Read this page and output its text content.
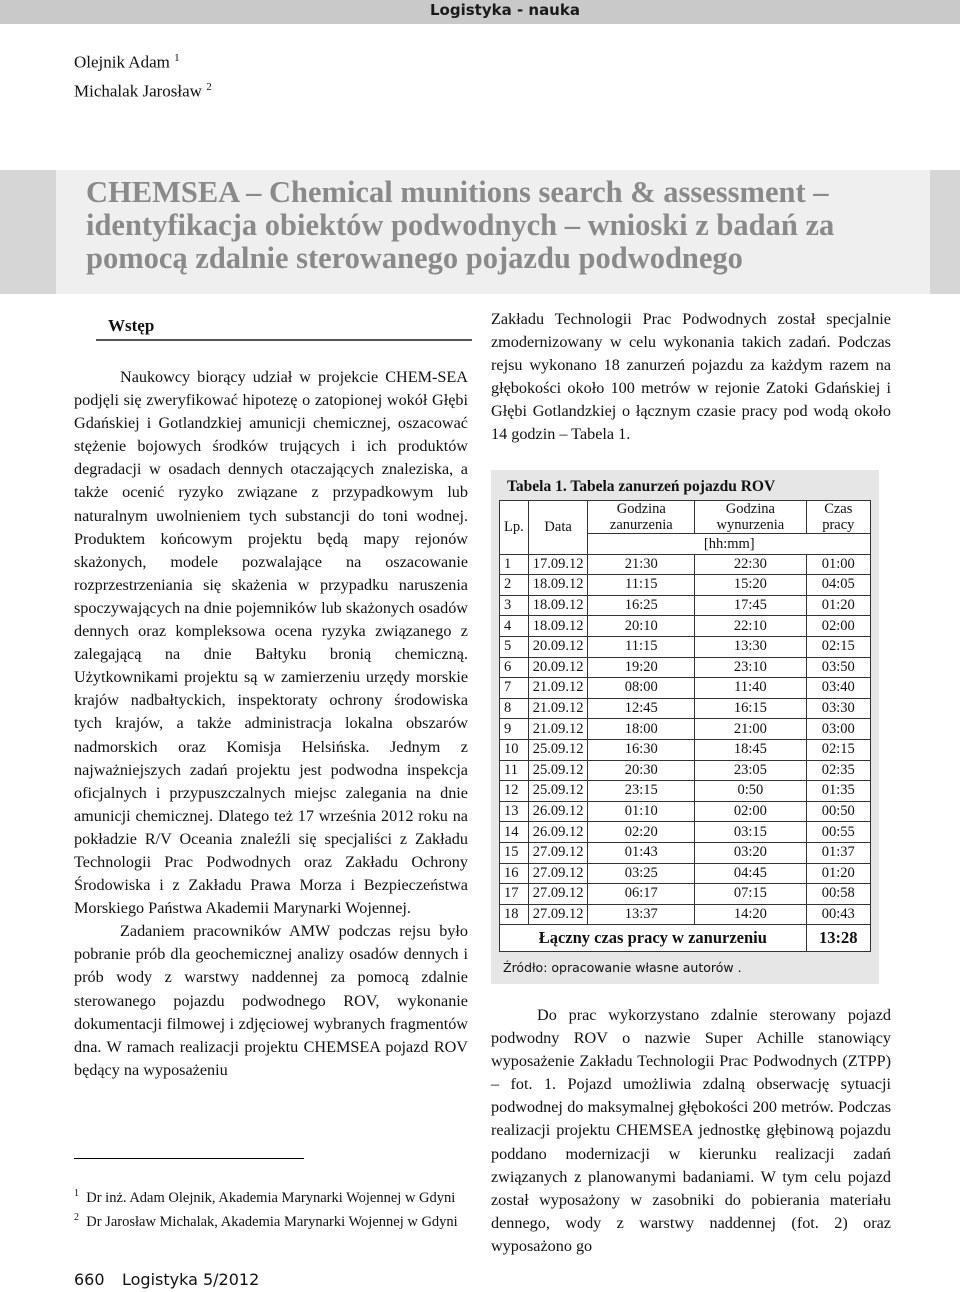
Logistyka - nauka
Olejnik Adam $^1$
Michalak Jarosław $^2$
CHEMSEA – Chemical munitions search & assessment – identyfikacja obiektów podwodnych – wnioski z badań za pomocą zdalnie sterowanego pojazdu podwodnego
Wstęp

Naukowcy biorący udział w projekcie CHEM-SEA podjęli się zweryfikować hipotezę o zatopionej wokół Głębi Gdańskiej i Gotlandzkiej amunicji chemicznej, oszacować stężenie bojowych środków trujących i ich produktów degradacji w osadach dennych otaczających znaleziska, a także ocenić ryzyko związane z przypadkowym lub naturalnym uwolnieniem tych substancji do toni wodnej. Produktem końcowym projektu będą mapy rejonów skażonych, modele pozwalające na oszacowanie rozprzestrzeniania się skażenia w przypadku naruszenia spoczywających na dnie pojemników lub skażonych osadów dennych oraz kompleksowa ocena ryzyka związanego z zalegającą na dnie Bałtyku bronią chemiczną. Użytkownikami projektu są w zamierzeniu urzędy morskie krajów nadbałtyckich, inspektoraty ochrony środowiska tych krajów, a także administracja lokalna obszarów nadmorskich oraz Komisja Helsińska. Jednym z najważniejszych zadań projektu jest podwodna inspekcja oficjalnych i przypuszczalnych miejsc zalegania na dnie amunicji chemicznej. Dlatego też 17 września 2012 roku na pokładzie R/V Oceania znaleźli się specjaliści z Zakładu Technologii Prac Podwodnych oraz Zakładu Ochrony Środowiska i z Zakładu Prawa Morza i Bezpieczeństwa Morskiego Państwa Akademii Marynarki Wojennej.

Zadaniem pracowników AMW podczas rejsu było pobranie prób dla geochemicznej analizy osadów dennych i prób wody z warstwy naddennej za pomocą zdalnie sterowanego pojazdu podwodnego ROV, wykonanie dokumentacji filmowej i zdjęciowej wybranych fragmentów dna. W ramach realizacji projektu CHEMSEA pojazd ROV będący na wyposażeniu

$^1$ Dr inż. Adam Olejnik, Akademia Marynarki Wojennej w Gdyni
$^2$ Dr Jarosław Michalak, Akademia Marynarki Wojennej w Gdyni

Zakładu Technologii Prac Podwodnych został specjalnie zmodernizowany w celu wykonania takich zadań. Podczas rejsu wykonano 18 zanurzeń pojazdu za każdym razem na głębokości około 100 metrów w rejonie Zatoki Gdańskiej i Głębi Gotlandzkiej o łącznym czasie pracy pod wodą około 14 godzin – Tabela 1.

Tabela 1. Tabela zanurzeń pojazdu ROV
Lp.	Data	Godzina zanurzenia	Godzina wynurzenia	Czas pracy
		[hh:mm]		
1	17.09.12	21:30	22:30	01:00
2	18.09.12	11:15	15:20	04:05
3	18.09.12	16:25	17:45	01:20
4	18.09.12	20:10	22:10	02:00
5	20.09.12	11:15	13:30	02:15
6	20.09.12	19:20	23:10	03:50
7	21.09.12	08:00	11:40	03:40
8	21.09.12	12:45	16:15	03:30
9	21.09.12	18:00	21:00	03:00
10	25.09.12	16:30	18:45	02:15
11	25.09.12	20:30	23:05	02:35
12	25.09.12	23:15	0:50	01:35
13	26.09.12	01:10	02:00	00:50
14	26.09.12	02:20	03:15	00:55
15	27.09.12	01:43	03:20	01:37
16	27.09.12	03:25	04:45	01:20
17	27.09.12	06:17	07:15	00:58
18	27.09.12	13:37	14:20	00:43
Łączny czas pracy w zanurzeniu				13:28
Źródło: opracowanie własne autorów .

Do prac wykorzystano zdalnie sterowany pojazd podwodny ROV o nazwie Super Achille stanowiący wyposażenie Zakładu Technologii Prac Podwodnych (ZTPP) – fot. 1. Pojazd umożliwia zdalną obserwację sytuacji podwodnej do maksymalnej głębokości 200 metrów. Podczas realizacji projektu CHEMSEA jednostkę głębinową pojazdu poddano modernizacji w kierunku realizacji zadań związanych z planowanymi badaniami. W tym celu pojazd został wyposażony w zasobniki do pobierania materiału dennego, wody z warstwy naddennej (fot. 2) oraz wyposażono go

660 Logistyka 5/2012
